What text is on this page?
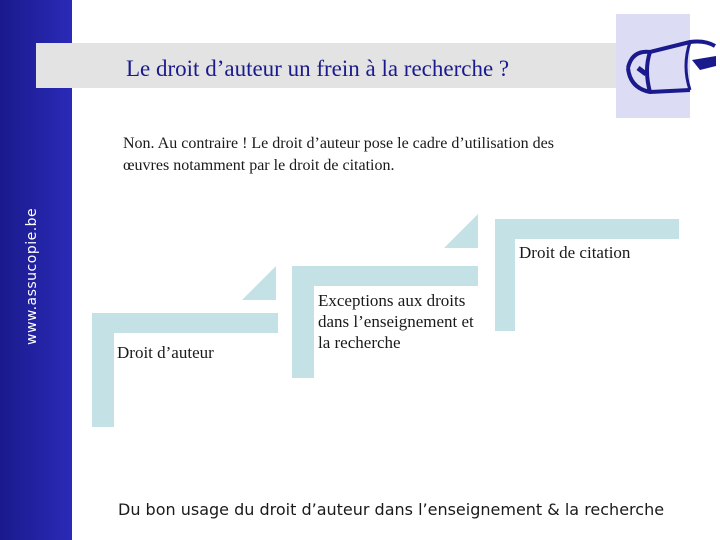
www.assucopie.be
Le droit d’auteur un frein à la recherche ?
Non. Au contraire ! Le droit d’auteur pose le cadre d’utilisation des
œuvres notamment par le droit de citation.
Droit d’auteur
Exceptions aux droits dans l’enseignement et la recherche
Droit de citation
Du bon usage du droit d’auteur dans l’enseignement & la recherche
